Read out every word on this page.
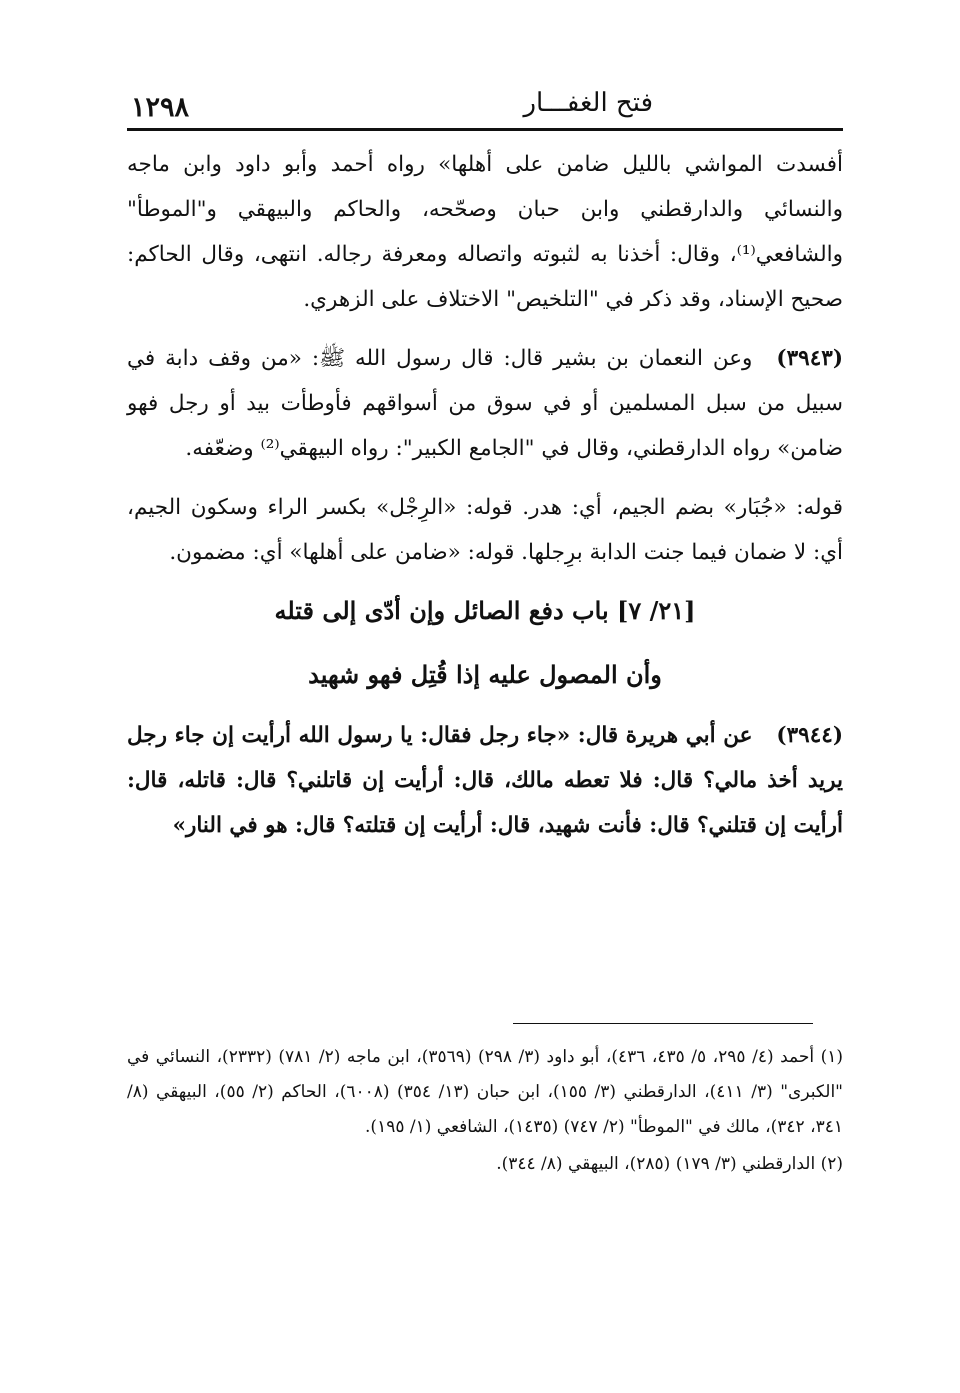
فتح الغفـــار
١٢٩٨

أفسدت المواشي بالليل ضامن على أهلها» رواه أحمد وأبو داود وابن ماجه والنسائي والدارقطني وابن حبان وصحّحه، والحاكم والبيهقي و"الموطأ" والشافعي⁽¹⁾، وقال: أخذنا به لثبوته واتصاله ومعرفة رجاله. انتهى، وقال الحاكم: صحيح الإسناد، وقد ذكر في "التلخيص" الاختلاف على الزهري.

(٣٩٤٣)وعن النعمان بن بشير قال: قال رسول الله ﷺ: «من وقف دابة في سبيل من سبل المسلمين أو في سوق من أسواقهم فأوطأت بيد أو رجل فهو ضامن» رواه الدارقطني، وقال في "الجامع الكبير": رواه البيهقي⁽²⁾ وضعّفه.

قوله: «جُبَار» بضم الجيم، أي: هدر. قوله: «الرِجْل» بكسر الراء وسكون الجيم، أي: لا ضمان فيما جنت الدابة برِجلها. قوله: «ضامن على أهلها» أي: مضمون.

[٢١/ ٧] باب دفع الصائل وإن أدّى إلى قتله
وأن المصول عليه إذا قُتِل فهو شهيد

(٣٩٤٤)عن أبي هريرة قال: «جاء رجل فقال: يا رسول الله أرأيت إن جاء رجل يريد أخذ مالي؟ قال: فلا تعطه مالك، قال: أرأيت إن قاتلني؟ قال: قاتله، قال: أرأيت إن قتلني؟ قال: فأنت شهيد، قال: أرأيت إن قتلته؟ قال: هو في النار»

(١) أحمد (٤/ ٢٩٥، ٥/ ٤٣٥، ٤٣٦)، أبو داود (٣/ ٢٩٨) (٣٥٦٩)، ابن ماجه (٢/ ٧٨١) (٢٣٣٢)، النسائي في "الكبرى" (٣/ ٤١١)، الدارقطني (٣/ ١٥٥)، ابن حبان (١٣/ ٣٥٤) (٦٠٠٨)، الحاكم (٢/ ٥٥)، البيهقي (٨/ ٣٤١، ٣٤٢)، مالك في "الموطأ" (٢/ ٧٤٧) (١٤٣٥)، الشافعي (١/ ١٩٥).

(٢) الدارقطني (٣/ ١٧٩) (٢٨٥)، البيهقي (٨/ ٣٤٤).
